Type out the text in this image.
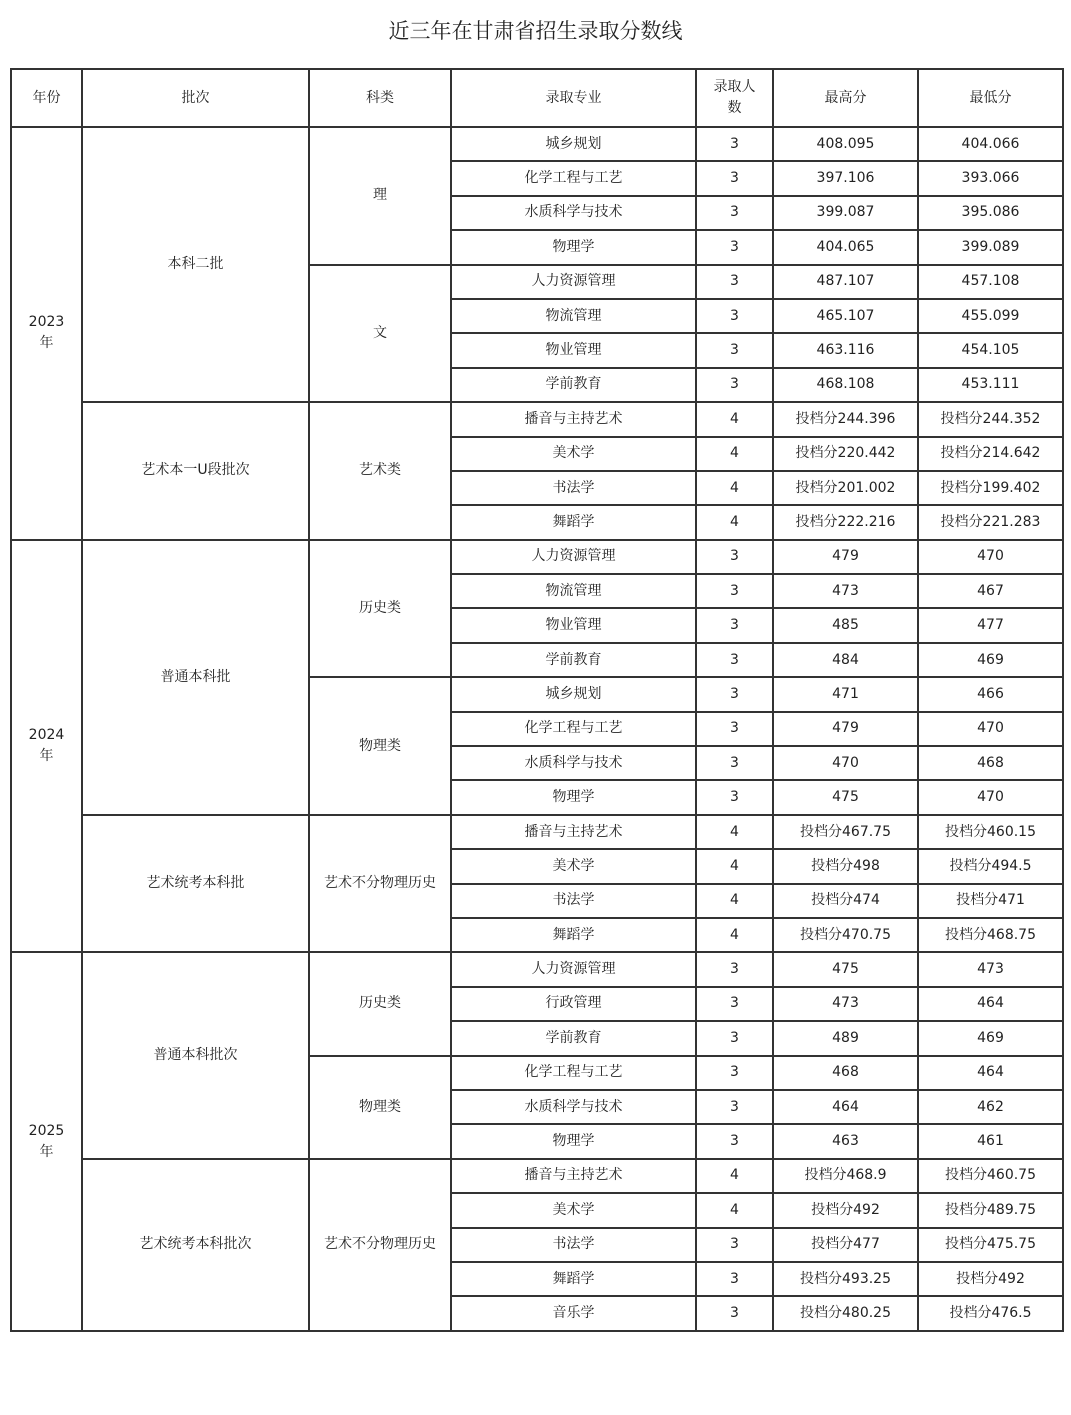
近三年在甘肃省招生录取分数线
年份	批次	科类	录取专业	录取人数	最高分	最低分

2023年	本科二批	理	城乡规划	3	408.095	404.066
			化学工程与工艺	3	397.106	393.066
			水质科学与技术	3	399.087	395.086
			物理学	3	404.065	399.089

		文	人力资源管理	3	487.107	457.108
			物流管理	3	465.107	455.099
			物业管理	3	463.116	454.105
			学前教育	3	468.108	453.111
	艺术本一U段批次	艺术类	播音与主持艺术	4	投档分244.396	投档分244.352
			美术学	4	投档分220.442	投档分214.642
			书法学	4	投档分201.002	投档分199.402
			舞蹈学	4	投档分222.216	投档分221.283

2024年	普通本科批	历史类	人力资源管理	3	479	470
			物流管理	3	473	467
			物业管理	3	485	477
			学前教育	3	484	469

		物理类	城乡规划	3	471	466
			化学工程与工艺	3	479	470
			水质科学与技术	3	470	468
			物理学	3	475	470
	艺术统考本科批	艺术不分物理历史	播音与主持艺术	4	投档分467.75	投档分460.15
			美术学	4	投档分498	投档分494.5
			书法学	4	投档分474	投档分471
			舞蹈学	4	投档分470.75	投档分468.75

2025年	普通本科批次	历史类	人力资源管理	3	475	473
			行政管理	3	473	464
			学前教育	3	489	469

		物理类	化学工程与工艺	3	468	464
			水质科学与技术	3	464	462
			物理学	3	463	461
	艺术统考本科批次	艺术不分物理历史	播音与主持艺术	4	投档分468.9	投档分460.75
			美术学	4	投档分492	投档分489.75
			书法学	3	投档分477	投档分475.75
			舞蹈学	3	投档分493.25	投档分492
			音乐学	3	投档分480.25	投档分476.5
